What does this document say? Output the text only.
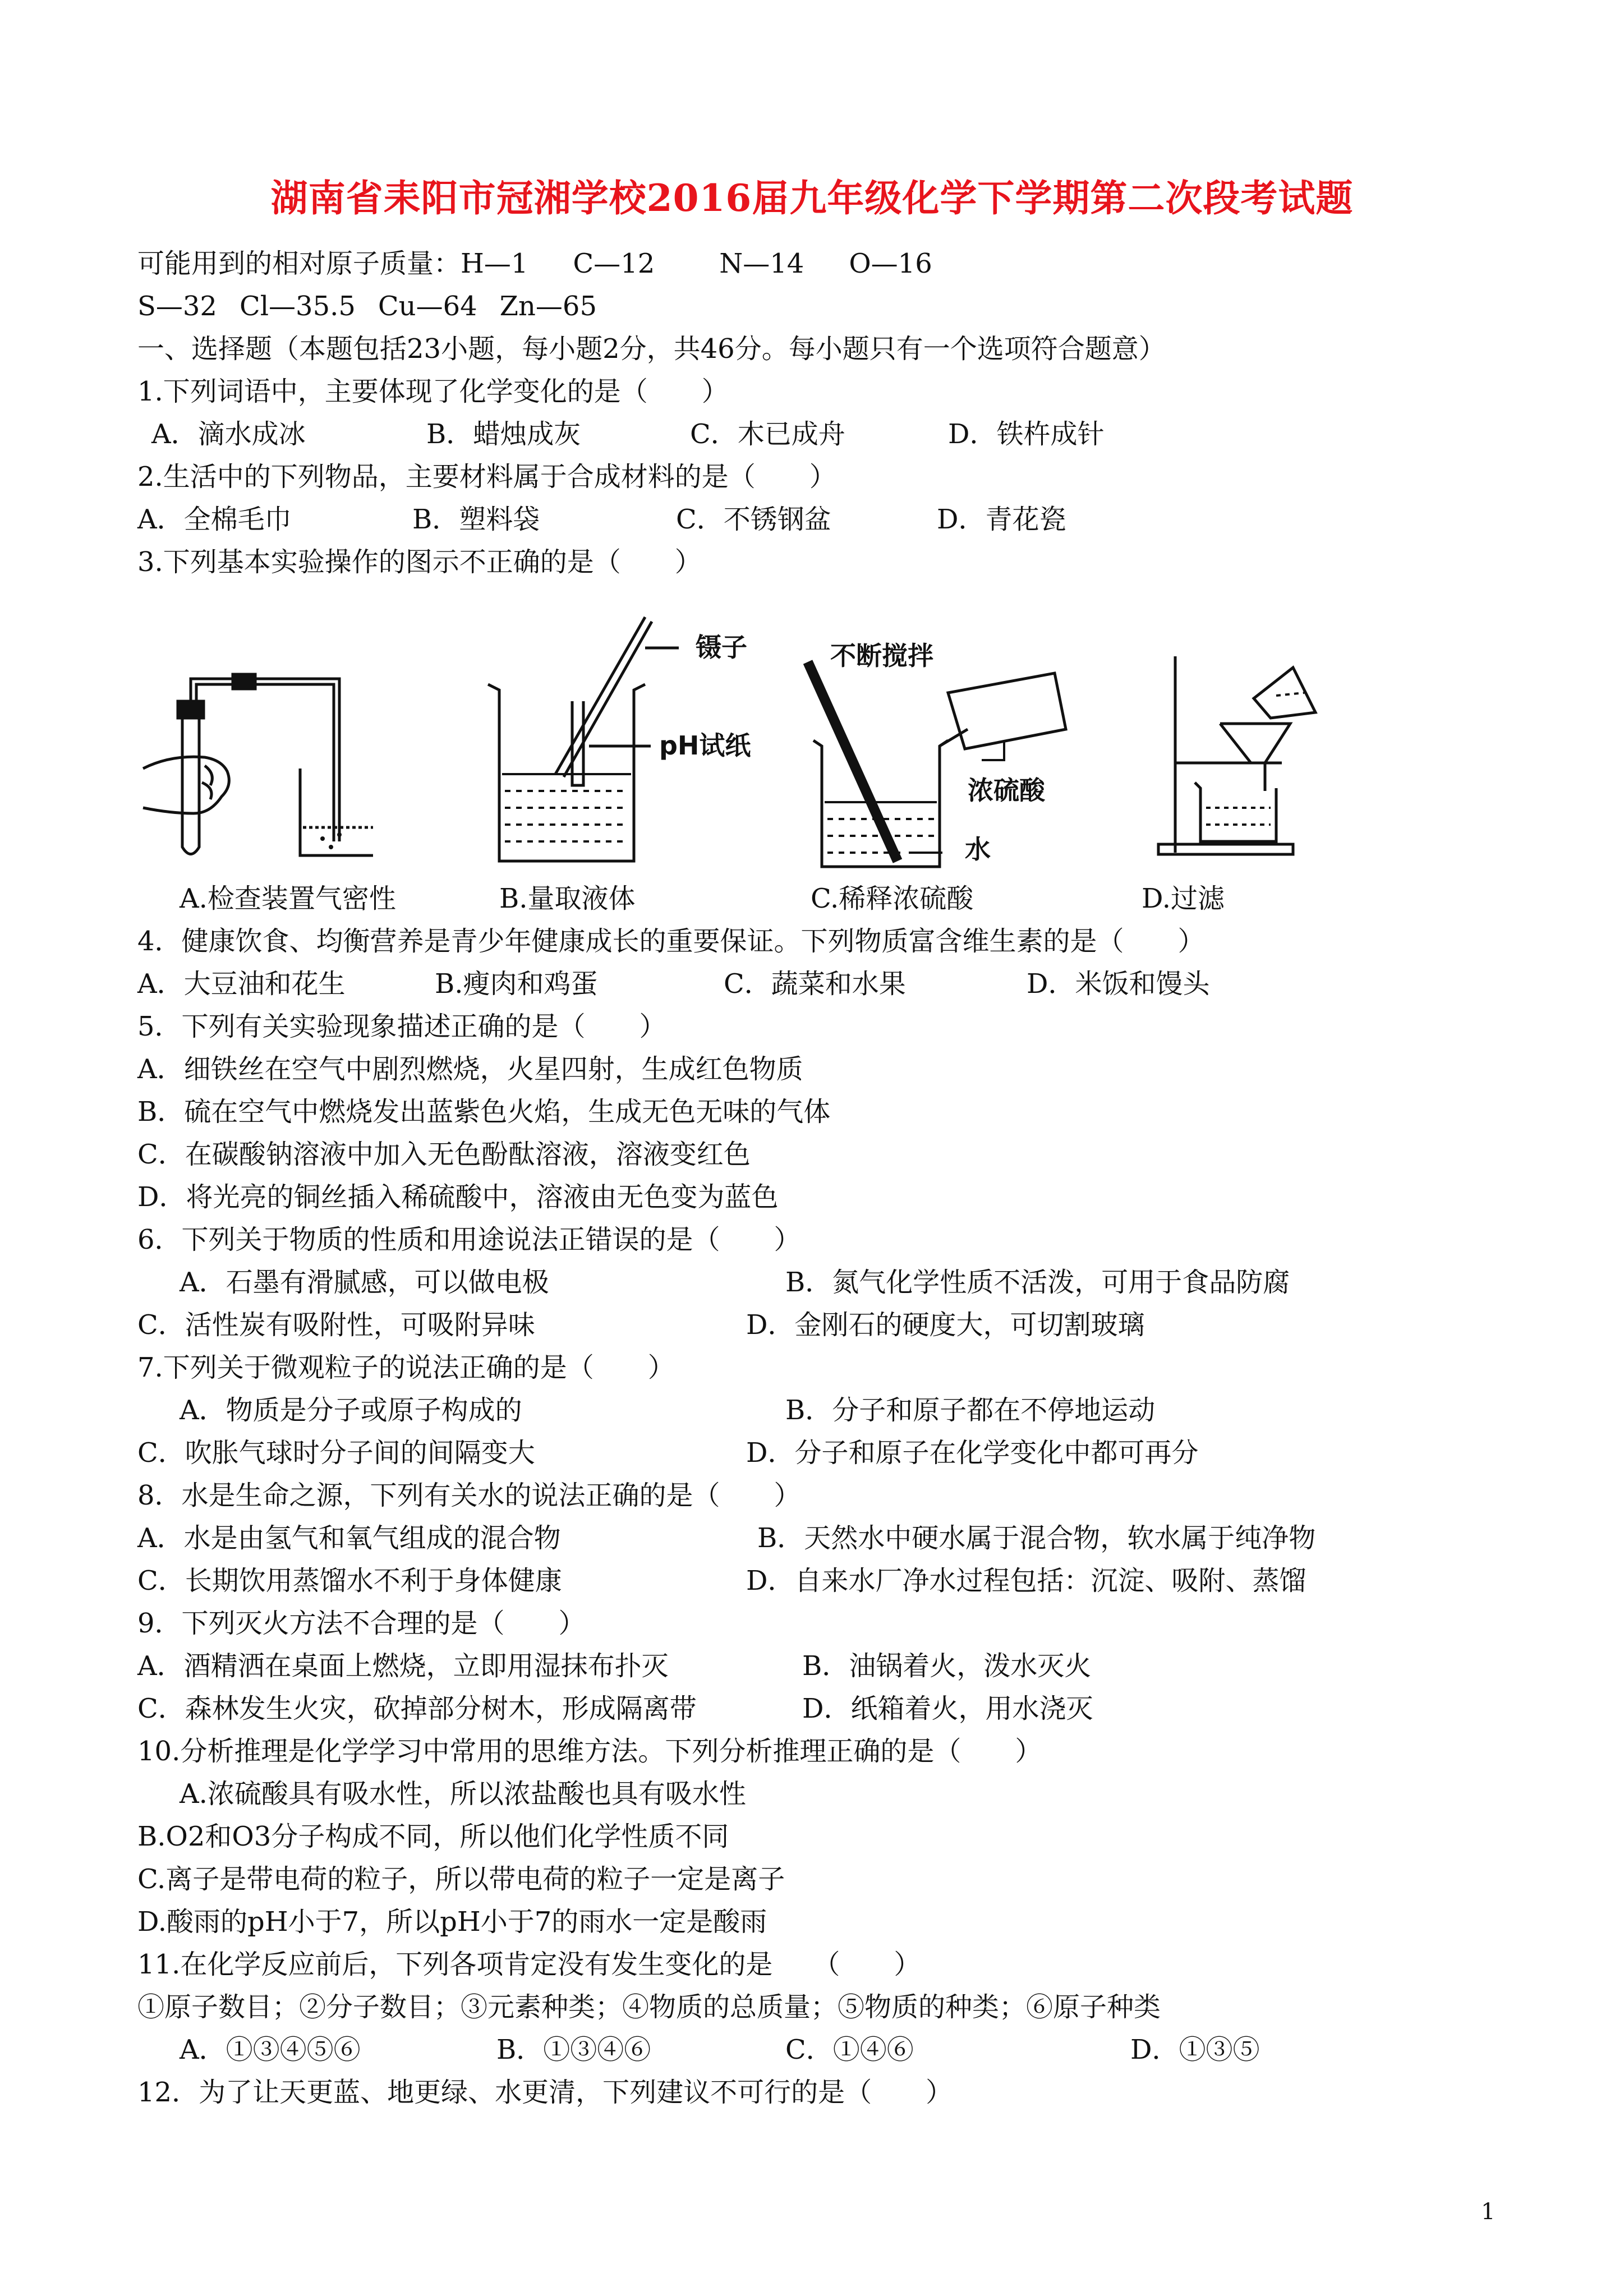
湖南省耒阳市冠湘学校2016届九年级化学下学期第二次段考试题
可能用到的相对原子质量：H—1 C—12 N—14 O—16
S—32 Cl—35.5 Cu—64 Zn—65
一、选择题（本题包括23小题，每小题2分，共46分。每小题只有一个选项符合题意）
1.下列词语中，主要体现了化学变化的是（　　）
A．滴水成冰	B．蜡烛成灰	C．木已成舟	D．铁杵成针
2.生活中的下列物品，主要材料属于合成材料的是（　　）
A．全棉毛巾	B．塑料袋	C．不锈钢盆	D．青花瓷
3.下列基本实验操作的图示不正确的是（　　）
镊子
pH试纸
不断搅拌
浓硫酸
水
A.检查装置气密性	B.量取液体	C.稀释浓硫酸	D.过滤
4．健康饮食、均衡营养是青少年健康成长的重要保证。下列物质富含维生素的是（　　）
A．大豆油和花生	B.瘦肉和鸡蛋	C．蔬菜和水果	D．米饭和馒头
5．下列有关实验现象描述正确的是（　　）
A．细铁丝在空气中剧烈燃烧，火星四射，生成红色物质
B．硫在空气中燃烧发出蓝紫色火焰，生成无色无味的气体
C．在碳酸钠溶液中加入无色酚酞溶液，溶液变红色
D．将光亮的铜丝插入稀硫酸中，溶液由无色变为蓝色
6．下列关于物质的性质和用途说法正错误的是（　　）
A．石墨有滑腻感，可以做电极	B．氮气化学性质不活泼，可用于食品防腐
C．活性炭有吸附性，可吸附异味	D．金刚石的硬度大，可切割玻璃
7.下列关于微观粒子的说法正确的是（　　）
A．物质是分子或原子构成的	B．分子和原子都在不停地运动
C．吹胀气球时分子间的间隔变大	D．分子和原子在化学变化中都可再分
8．水是生命之源，下列有关水的说法正确的是（　　）
A．水是由氢气和氧气组成的混合物	B．天然水中硬水属于混合物，软水属于纯净物
C．长期饮用蒸馏水不利于身体健康	D．自来水厂净水过程包括：沉淀、吸附、蒸馏
9．下列灭火方法不合理的是（　　）
A．酒精洒在桌面上燃烧，立即用湿抹布扑灭	B．油锅着火，泼水灭火
C．森林发生火灾，砍掉部分树木，形成隔离带	D．纸箱着火，用水浇灭
10.分析推理是化学学习中常用的思维方法。下列分析推理正确的是（　　）
A.浓硫酸具有吸水性，所以浓盐酸也具有吸水性
B.O2和O3分子构成不同，所以他们化学性质不同
C.离子是带电荷的粒子，所以带电荷的粒子一定是离子
D.酸雨的pH小于7，所以pH小于7的雨水一定是酸雨
11.在化学反应前后，下列各项肯定没有发生变化的是　　（　　）
①原子数目；②分子数目；③元素种类；④物质的总质量；⑤物质的种类；⑥原子种类
A．①③④⑤⑥	B．①③④⑥	C．①④⑥	D．①③⑤
12．为了让天更蓝、地更绿、水更清，下列建议不可行的是（　　）
1
